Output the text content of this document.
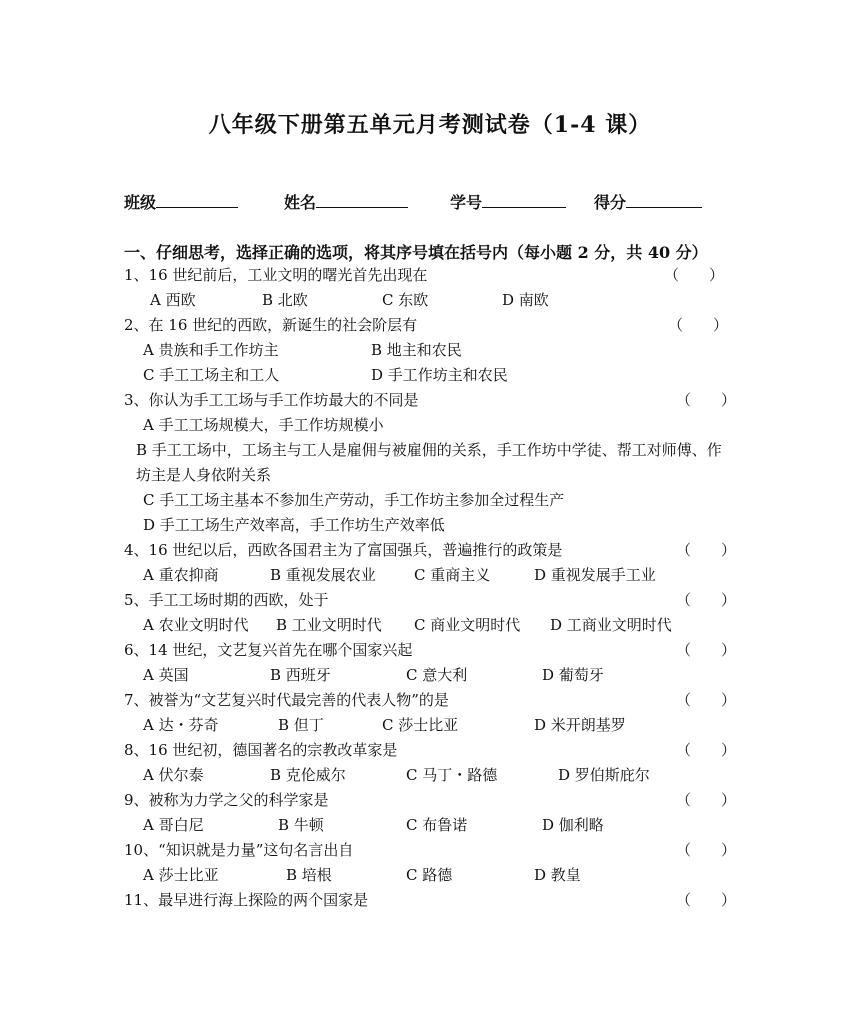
八年级下册第五单元月考测试卷（1-4 课）
班级	姓名	学号	得分
一、仔细思考，选择正确的选项，将其序号填在括号内（每小题 2 分，共 40 分）
1、16 世纪前后，工业文明的曙光首先出现在	（　　）
A 西欧	B 北欧	C 东欧	D 南欧
2、在 16 世纪的西欧，新诞生的社会阶层有	（　　）
A 贵族和手工作坊主	B 地主和农民
C 手工工场主和工人	D 手工作坊主和农民
3、你认为手工工场与手工作坊最大的不同是	（　　）
A 手工工场规模大，手工作坊规模小
B 手工工场中，工场主与工人是雇佣与被雇佣的关系，手工作坊中学徒、帮工对师傅、作坊主是人身依附关系
C 手工工场主基本不参加生产劳动，手工作坊主参加全过程生产
D 手工工场生产效率高，手工作坊生产效率低
4、16 世纪以后，西欧各国君主为了富国强兵，普遍推行的政策是	（　　）
A 重农抑商	B 重视发展农业	C 重商主义	D 重视发展手工业
5、手工工场时期的西欧，处于	（　　）
A 农业文明时代 B 工业文明时代 C 商业文明时代 D 工商业文明时代
6、14 世纪，文艺复兴首先在哪个国家兴起	（　　）
A 英国	B 西班牙	C 意大利	D 葡萄牙
7、被誉为“文艺复兴时代最完善的代表人物”的是	（　　）
A 达・芬奇	B 但丁	C 莎士比亚	D 米开朗基罗
8、16 世纪初，德国著名的宗教改革家是	（　　）
A 伏尔泰	B 克伦威尔	C 马丁・路德	D 罗伯斯庇尔
9、被称为力学之父的科学家是	（　　）
A 哥白尼	B 牛顿	C 布鲁诺	D 伽利略
10、“知识就是力量”这句名言出自	（　　）
A 莎士比亚	B 培根	C 路德	D 教皇
11、最早进行海上探险的两个国家是	（　　）
